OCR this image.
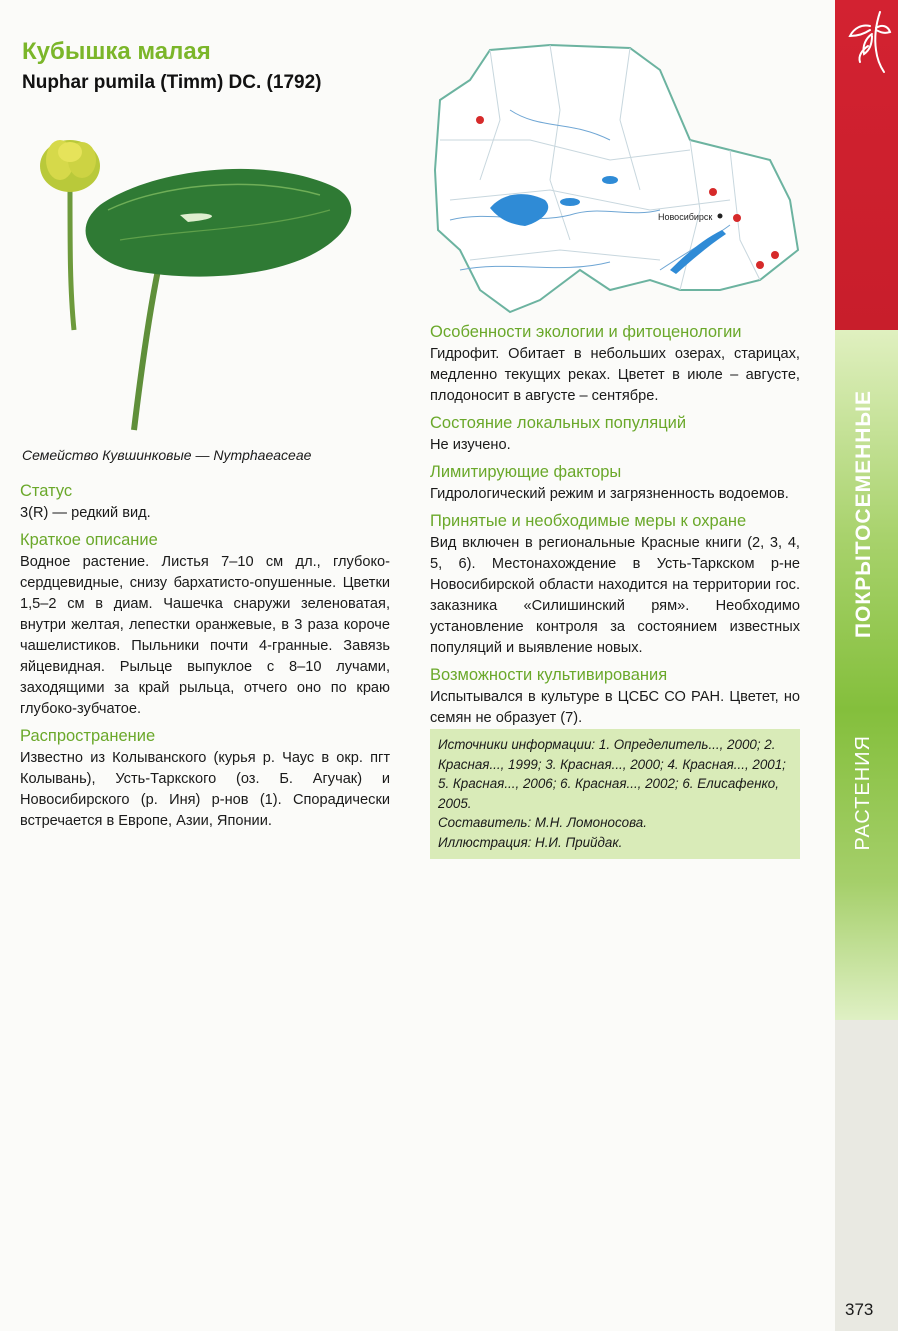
ПОКРЫТОСЕМЕННЫЕ
РАСТЕНИЯ
Кубышка малая
Nuphar pumila (Timm) DC. (1792)
Семейство Кувшинковые — Nymphaeaceae
Новосибирск
Статус

3(R) — редкий вид.

Краткое описание

Водное растение. Листья 7–10 см дл., глубоко-сердцевидные, снизу бархатисто-опушенные. Цветки 1,5–2 см в диам. Чашечка снаружи зеленоватая, внутри желтая, лепестки оранжевые, в 3 раза короче чашелистиков. Пыльники почти 4-гранные. Завязь яйцевидная. Рыльце выпуклое с 8–10 лучами, заходящими за край рыльца, отчего оно по краю глубоко-зубчатое.

Распространение

Известно из Колыванского (курья р. Чаус в окр. пгт Колывань), Усть-Таркского (оз. Б. Агучак) и Новосибирского (р. Иня) р-нов (1). Спорадически встречается в Европе, Азии, Японии.

Особенности экологии и фитоценологии

Гидрофит. Обитает в небольших озерах, старицах, медленно текущих реках. Цветет в июле – августе, плодоносит в августе – сентябре.

Состояние локальных популяций

Не изучено.

Лимитирующие факторы

Гидрологический режим и загрязненность водоемов.

Принятые и необходимые меры к охране

Вид включен в региональные Красные книги (2, 3, 4, 5, 6). Местонахождение в Усть-Таркском р-не Новосибирской области находится на территории гос. заказника «Силишинский рям». Необходимо установление контроля за состоянием известных популяций и выявление новых.

Возможности культивирования

Испытывался в культуре в ЦСБС СО РАН. Цветет, но семян не образует (7).

Источники информации: 1. Определитель..., 2000; 2. Красная..., 1999; 3. Красная..., 2000; 4. Красная..., 2001; 5. Красная..., 2006; 6. Красная..., 2002; 6. Елисафенко, 2005.

Составитель: М.Н. Ломоносова.

Иллюстрация: Н.И. Прийдак.

373
